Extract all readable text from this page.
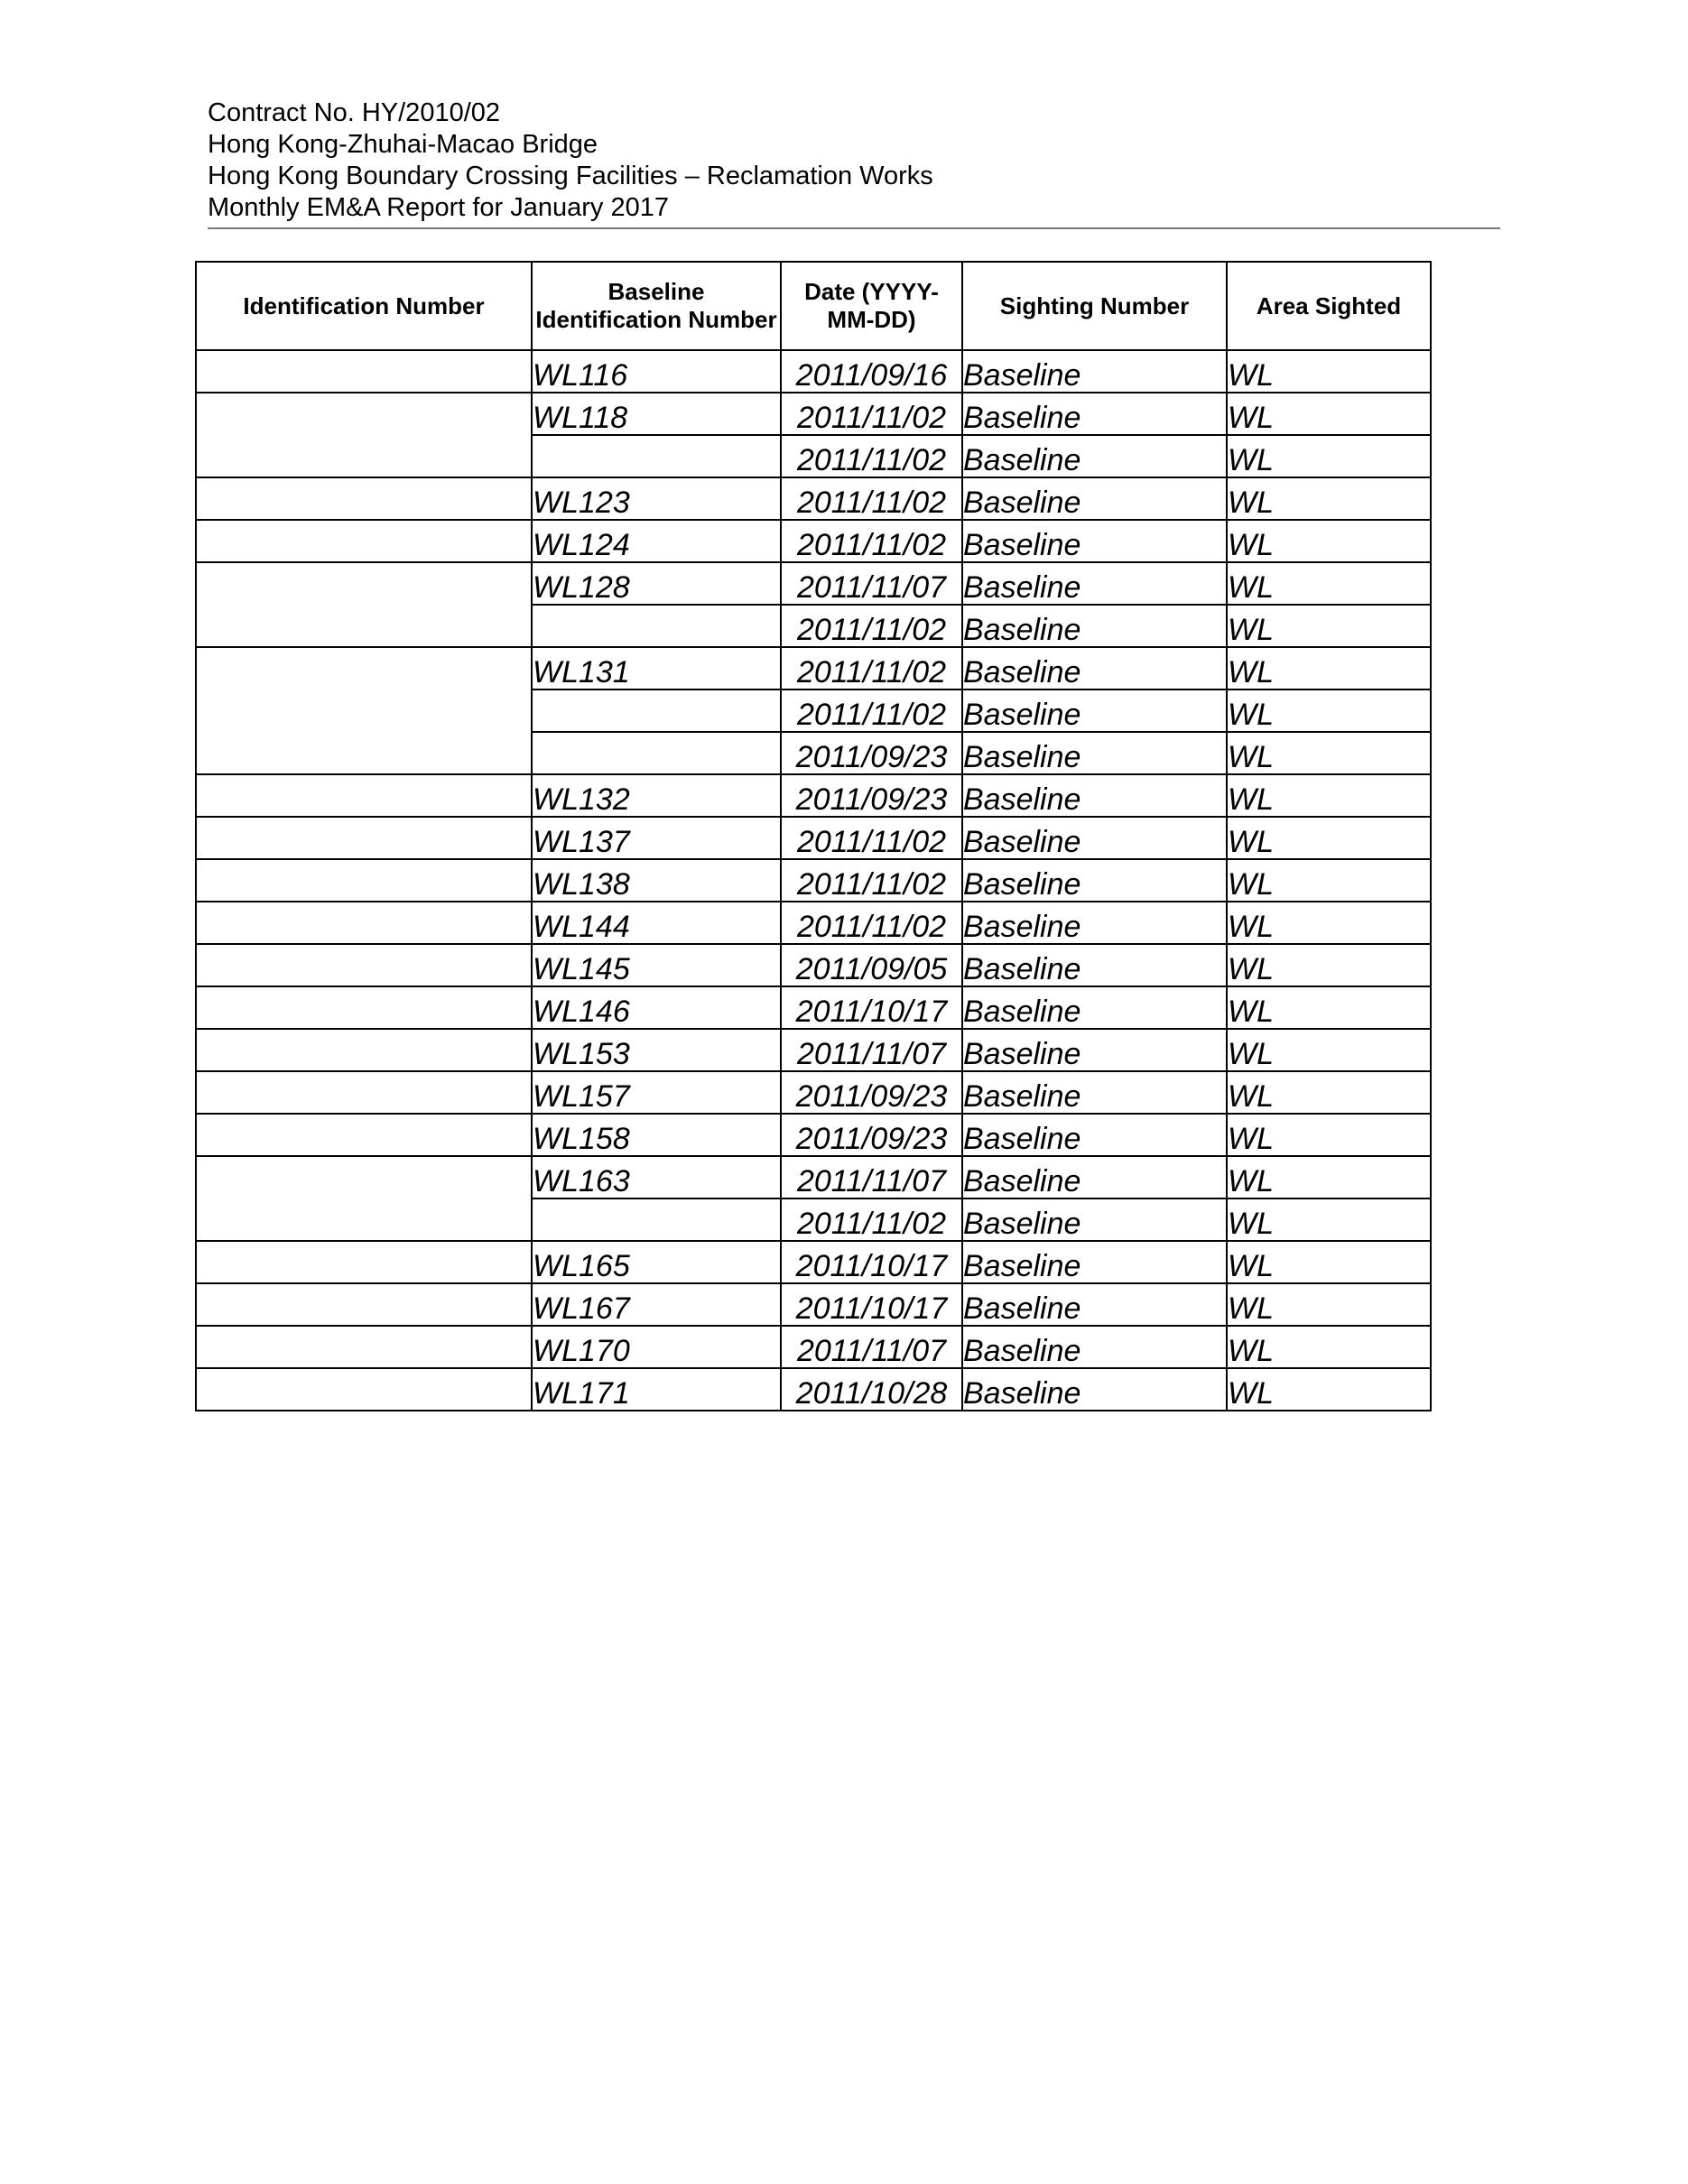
Contract No. HY/2010/02
Hong Kong-Zhuhai-Macao Bridge
Hong Kong Boundary Crossing Facilities – Reclamation Works
Monthly EM&A Report for January 2017
Identification Number	Baseline Identification Number	Date (YYYY-MM-DD)	Sighting Number	Area Sighted
	WL116	2011/09/16	Baseline	WL
	WL118	2011/11/02	Baseline	WL
		2011/11/02	Baseline	WL
	WL123	2011/11/02	Baseline	WL
	WL124	2011/11/02	Baseline	WL
	WL128	2011/11/07	Baseline	WL
		2011/11/02	Baseline	WL
	WL131	2011/11/02	Baseline	WL
		2011/11/02	Baseline	WL
		2011/09/23	Baseline	WL
	WL132	2011/09/23	Baseline	WL
	WL137	2011/11/02	Baseline	WL
	WL138	2011/11/02	Baseline	WL
	WL144	2011/11/02	Baseline	WL
	WL145	2011/09/05	Baseline	WL
	WL146	2011/10/17	Baseline	WL
	WL153	2011/11/07	Baseline	WL
	WL157	2011/09/23	Baseline	WL
	WL158	2011/09/23	Baseline	WL
	WL163	2011/11/07	Baseline	WL
		2011/11/02	Baseline	WL
	WL165	2011/10/17	Baseline	WL
	WL167	2011/10/17	Baseline	WL
	WL170	2011/11/07	Baseline	WL
	WL171	2011/10/28	Baseline	WL
